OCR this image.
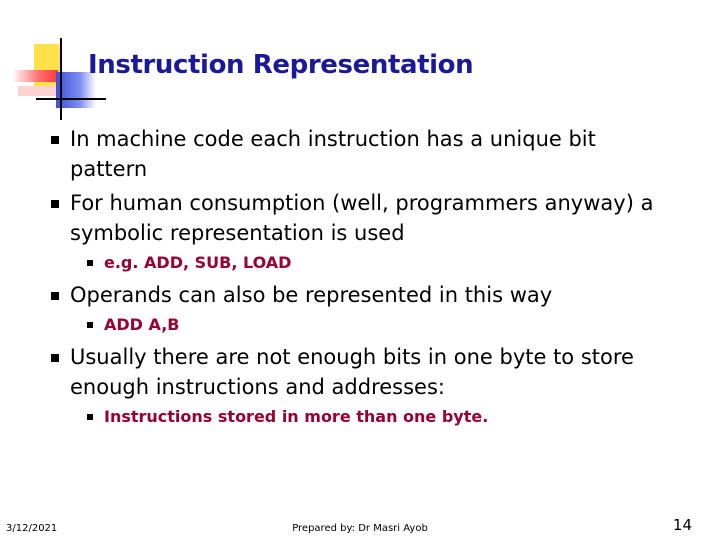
Instruction Representation
In machine code each instruction has a unique bit pattern
For human consumption (well, programmers anyway) a symbolic representation is used
e.g. ADD, SUB, LOAD
Operands can also be represented in this way
ADD A,B
Usually there are not enough bits in one byte to store enough instructions and addresses:
Instructions stored in more than one byte.
3/12/2021	Prepared by: Dr Masri Ayob	14
